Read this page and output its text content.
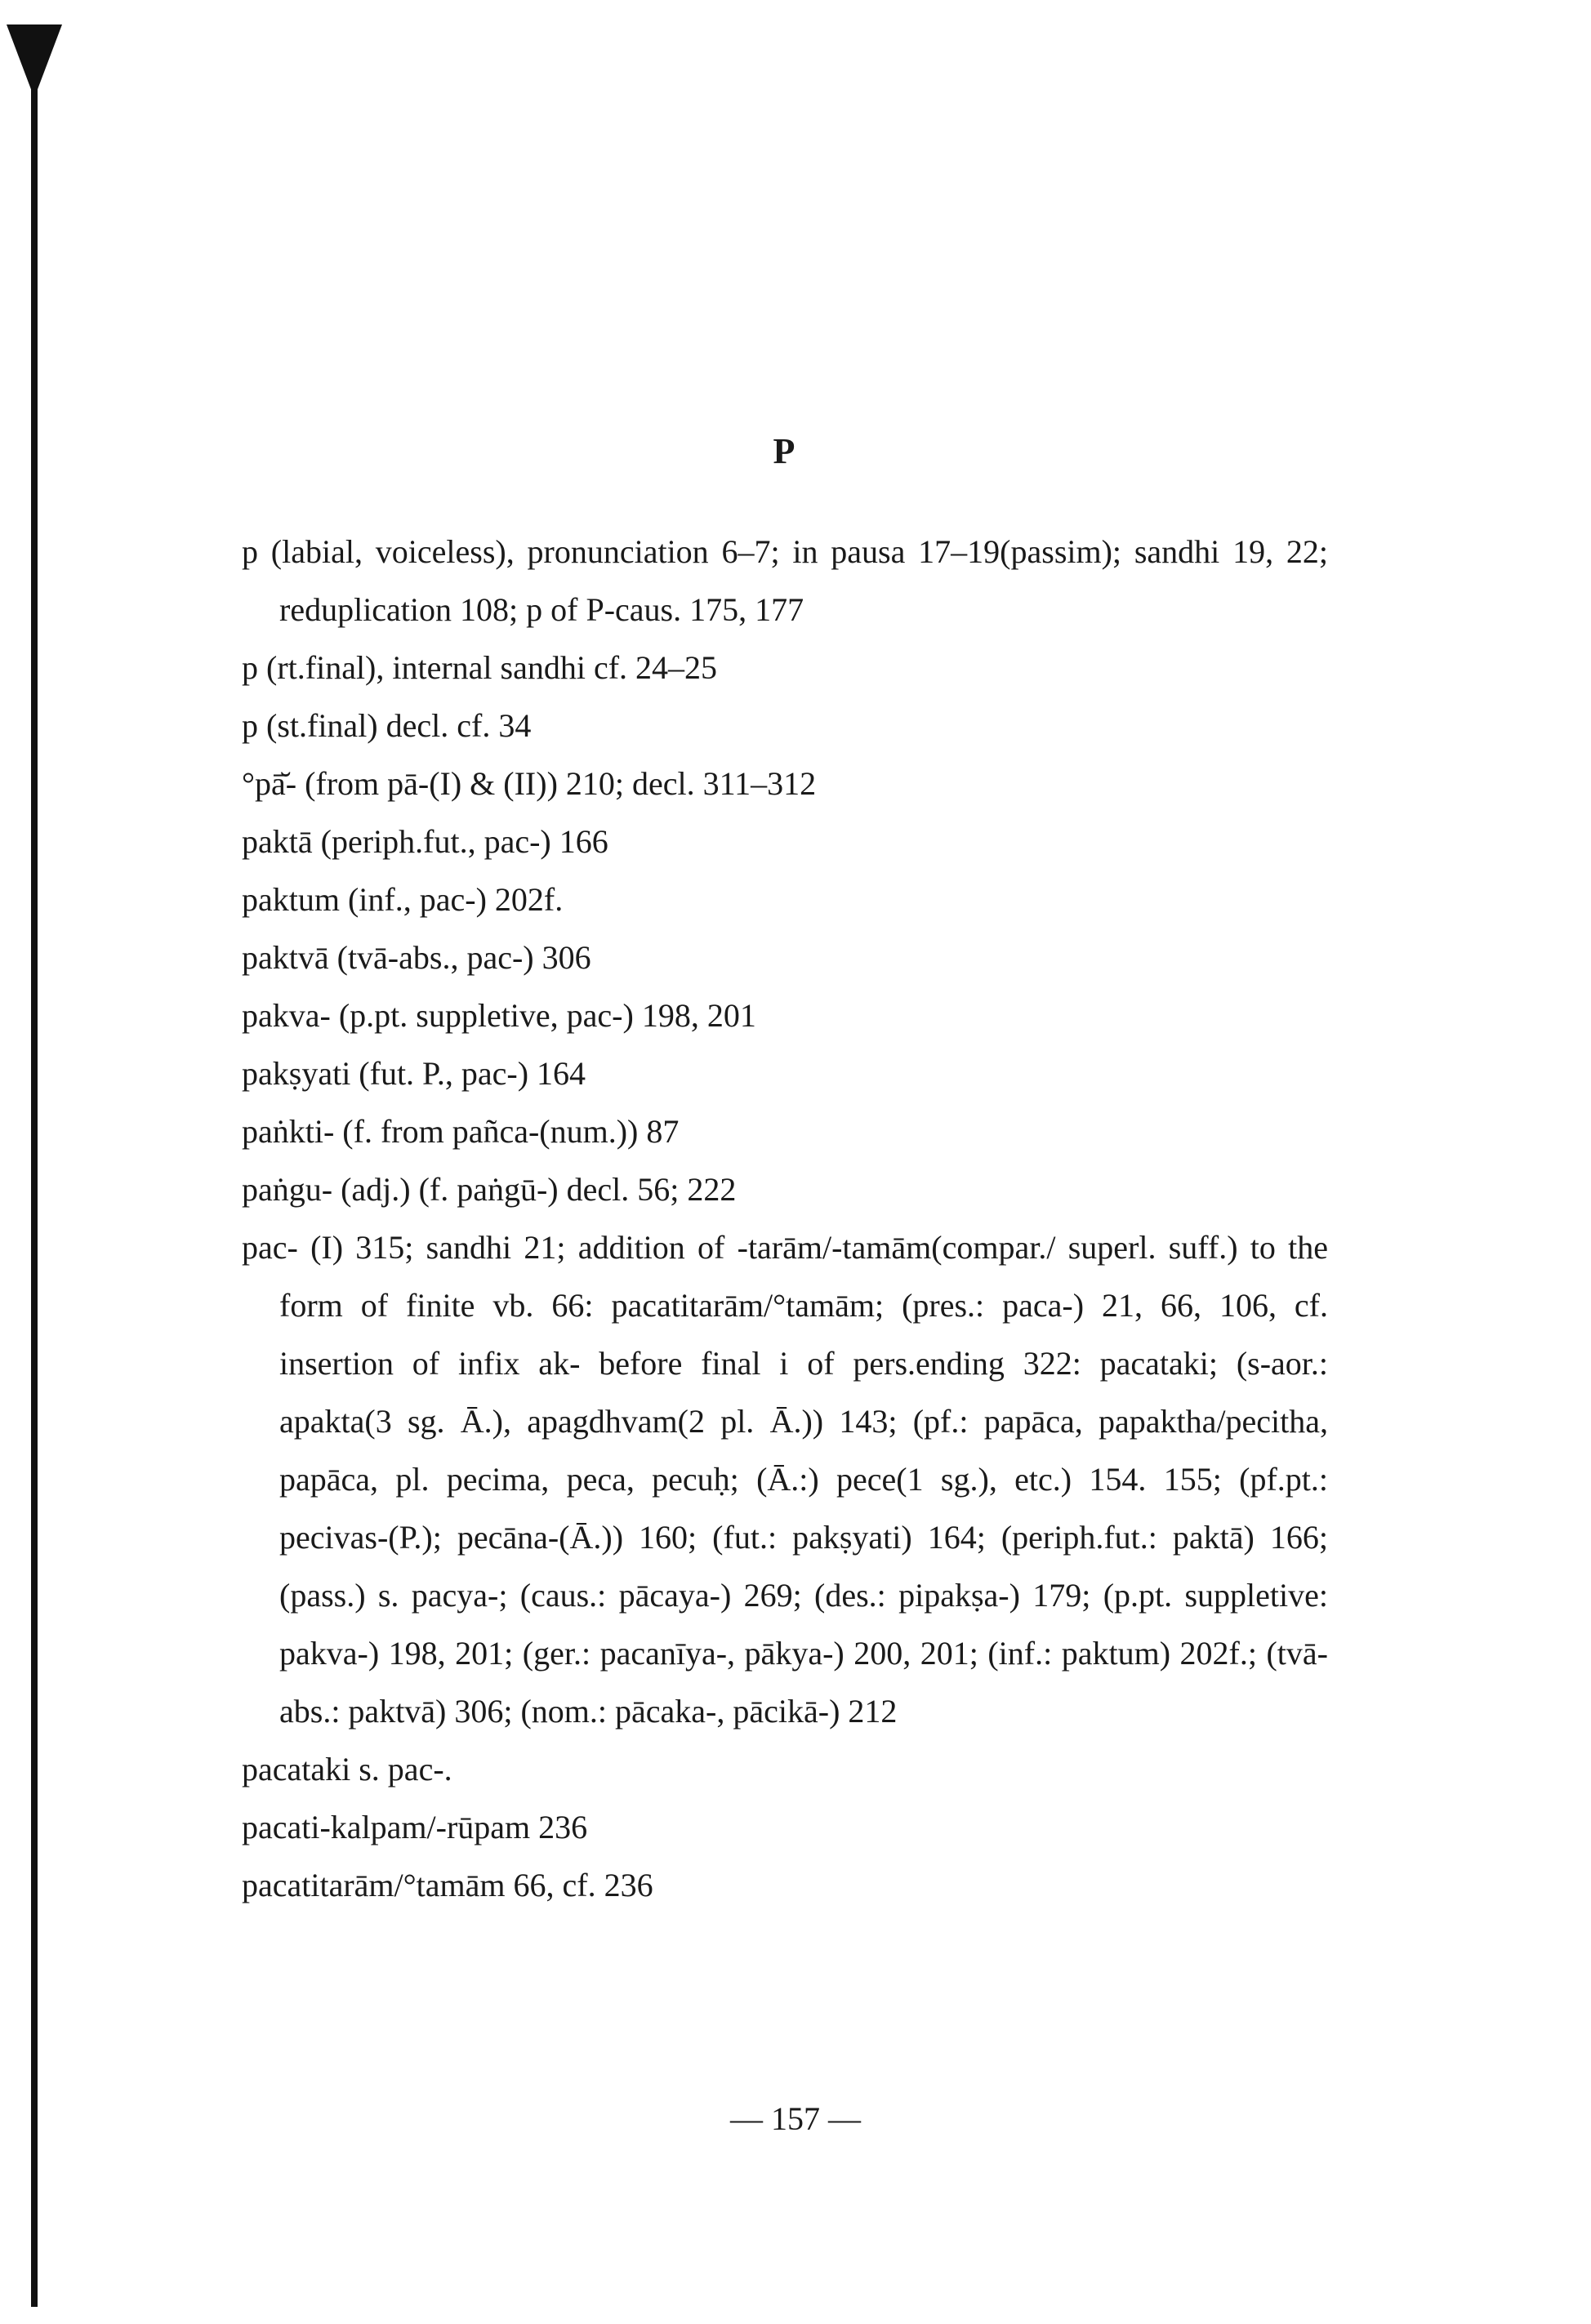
P

p (labial, voiceless), pronunciation 6–7; in pausa 17–19(passim); sandhi 19, 22; reduplication 108; p of P-caus. 175, 177

p (rt.final), internal sandhi cf. 24–25

p (st.final) decl. cf. 34

°pā̆- (from pā-(I) & (II)) 210; decl. 311–312

paktā (periph.fut., pac-) 166

paktum (inf., pac-) 202f.

paktvā (tvā-abs., pac-) 306

pakva- (p.pt. suppletive, pac-) 198, 201

pakṣyati (fut. P., pac-) 164

paṅkti- (f. from pañca-(num.)) 87

paṅgu- (adj.) (f. paṅgū-) decl. 56; 222

pac- (I) 315; sandhi 21; addition of -tarām/-tamām(compar./ superl. suff.) to the form of finite vb. 66: pacatitarām/°tamām; (pres.: paca-) 21, 66, 106, cf. insertion of infix ak- before final i of pers.ending 322: pacataki; (s-aor.: apakta(3 sg. Ā.), apagdhvam(2 pl. Ā.)) 143; (pf.: papāca, papaktha/pecitha, papāca, pl. pecima, peca, pecuḥ; (Ā.:) pece(1 sg.), etc.) 154. 155; (pf.pt.: pecivas-(P.); pecāna-(Ā.)) 160; (fut.: pakṣyati) 164; (periph.fut.: paktā) 166; (pass.) s. pacya-; (caus.: pācaya-) 269; (des.: pipakṣa-) 179; (p.pt. suppletive: pakva-) 198, 201; (ger.: pacanīya-, pākya-) 200, 201; (inf.: paktum) 202f.; (tvā-abs.: paktvā) 306; (nom.: pācaka-, pācikā-) 212

pacataki s. pac-.

pacati-kalpam/-rūpam 236

pacatitarām/°tamām 66, cf. 236

— 157 —
